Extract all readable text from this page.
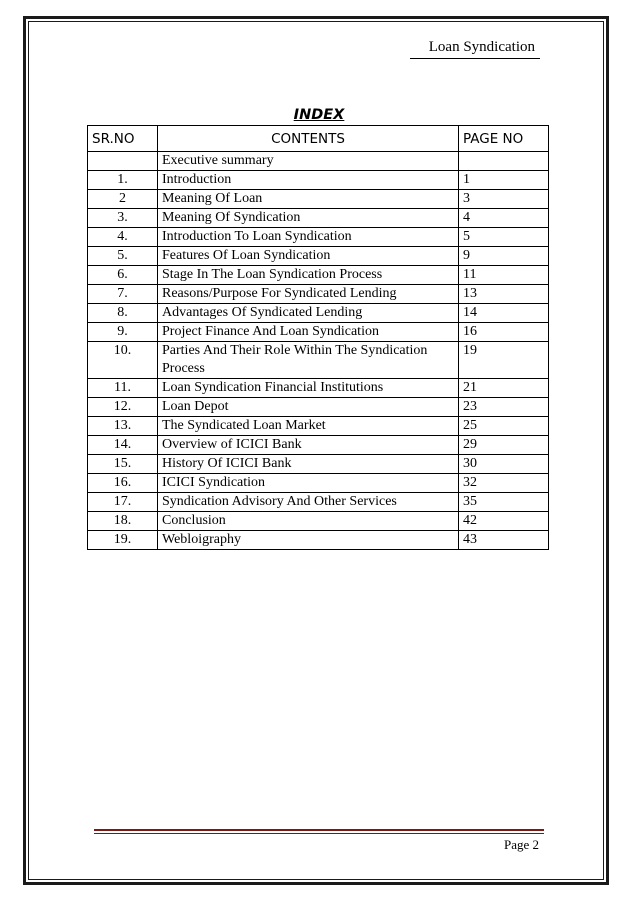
Loan Syndication
INDEX
SR.NO	CONTENTS	PAGE NO
	Executive summary	
1.	Introduction	1
2	Meaning Of Loan	3
3.	Meaning Of Syndication	4
4.	Introduction To Loan Syndication	5
5.	Features Of Loan Syndication	9
6.	Stage In The Loan Syndication Process	11
7.	Reasons/Purpose For Syndicated Lending	13
8.	Advantages Of Syndicated Lending	14
9.	Project Finance And Loan Syndication	16
10.	Parties And Their Role Within The Syndication Process	19
11.	Loan Syndication Financial Institutions	21
12.	Loan Depot	23
13.	The Syndicated Loan Market	25
14.	Overview of ICICI Bank	29
15.	History Of ICICI Bank	30
16.	ICICI Syndication	32
17.	Syndication Advisory And Other Services	35
18.	Conclusion	42
19.	Webloigraphy	43
Page 2
